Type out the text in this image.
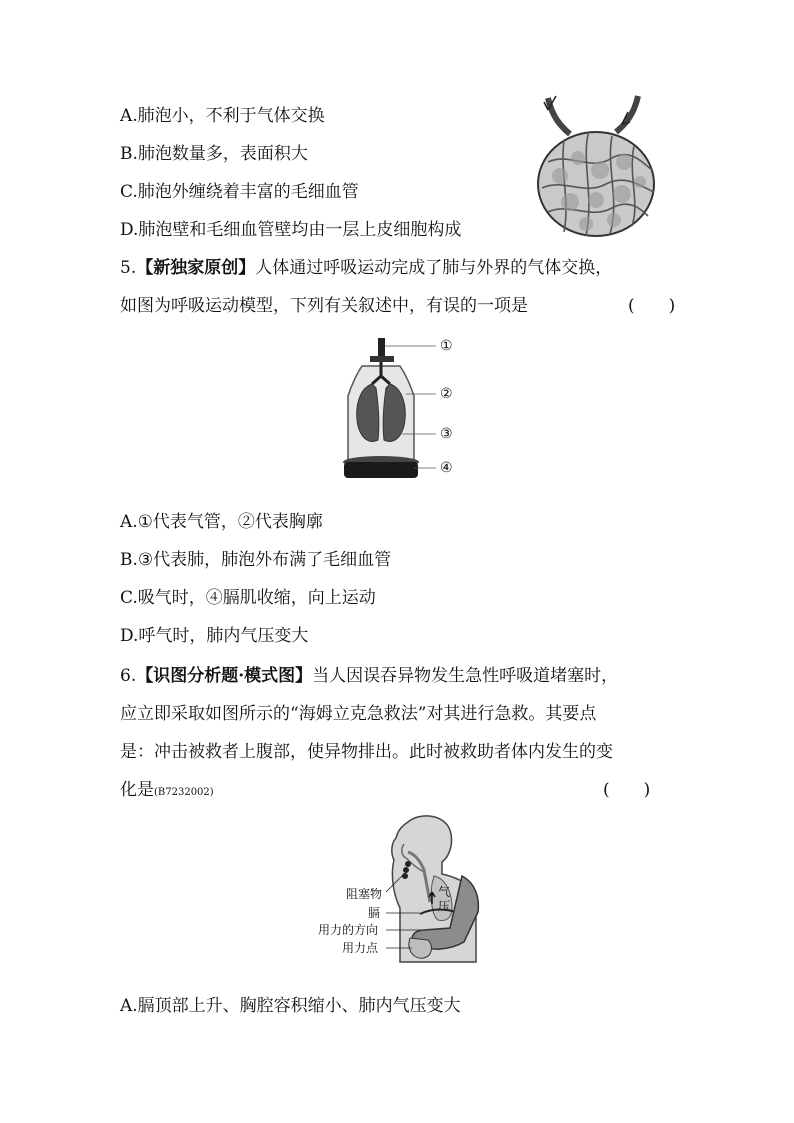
A.肺泡小，不利于气体交换
B.肺泡数量多，表面积大
C.肺泡外缠绕着丰富的毛细血管
D.肺泡壁和毛细血管壁均由一层上皮细胞构成
5.【新独家原创】人体通过呼吸运动完成了肺与外界的气体交换，
如图为呼吸运动模型，下列有关叙述中，有误的一项是	(　　)
①
②
③
④
A.①代表气管，②代表胸廓
B.③代表肺，肺泡外布满了毛细血管
C.吸气时，④膈肌收缩，向上运动
D.呼气时，肺内气压变大
6.【识图分析题·模式图】当人因误吞异物发生急性呼吸道堵塞时，
应立即采取如图所示的“海姆立克急救法”对其进行急救。其要点
是：冲击被救者上腹部，使异物排出。此时被救助者体内发生的变
化是(B7232002)	(　　)
阻塞物
膈
用力的方向
用力点
气
压
A.膈顶部上升、胸腔容积缩小、肺内气压变大
